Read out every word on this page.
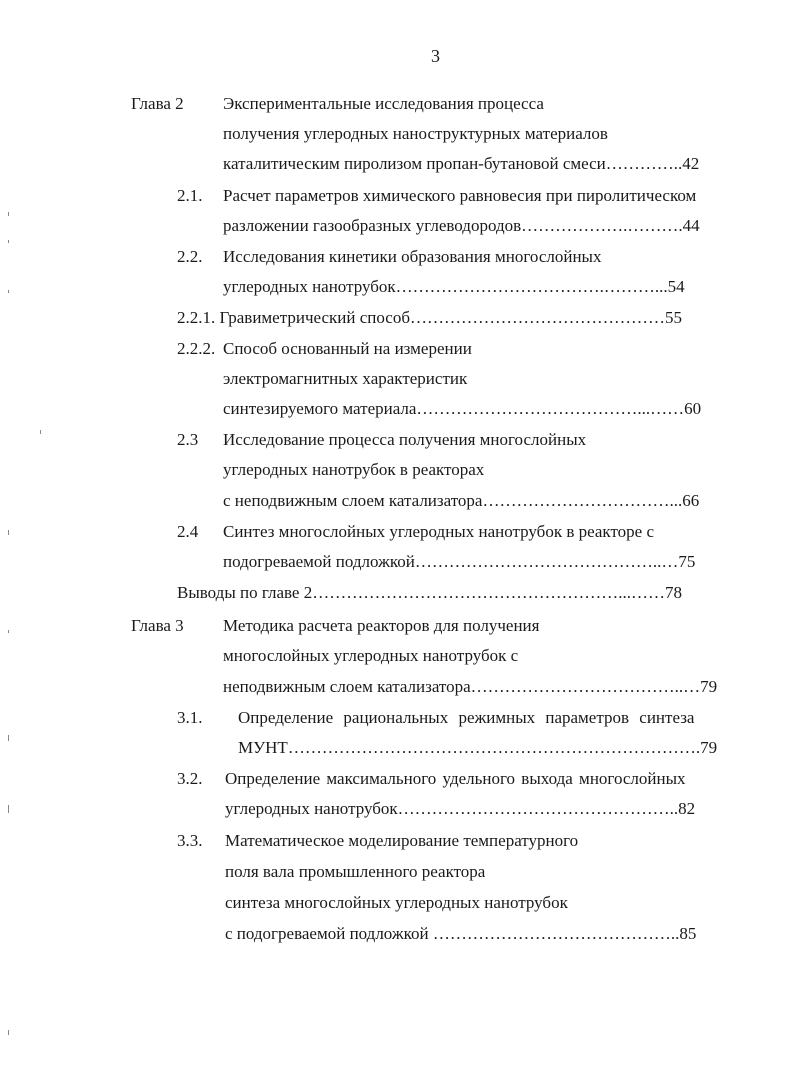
3
Глава 2 Экспериментальные исследования процесса
получения углеродных наноструктурных материалов
каталитическим пиролизом пропан-бутановой смеси…………..42
2.1. Расчет параметров химического равновесия при пиролитическом
разложении газообразных углеводородов……………….……….44
2.2. Исследования кинетики образования многослойных
углеродных нанотрубок……………………………….………...54
2.2.1. Гравиметрический способ………………………………………55
2.2.2. Способ основанный на измерении
электромагнитных характеристик
синтезируемого материала…………………………………...……60
2.3 Исследование процесса получения многослойных
углеродных нанотрубок в реакторах
с неподвижным слоем катализатора……………………………...66
2.4 Синтез многослойных углеродных нанотрубок в реакторе с
подогреваемой подложкой……………………………………..…75
Выводы по главе 2………………………………………………...……78
Глава 3 Методика расчета реакторов для получения
многослойных углеродных нанотрубок с
неподвижным слоем катализатора………………………………..…79
3.1. Определение рациональных режимных параметров синтеза
МУНТ……………………………………………………………….79
3.2. Определение максимального удельного выхода многослойных
углеродных нанотрубок…………………………………………..82
3.3. Математическое моделирование температурного
поля вала промышленного реактора
синтеза многослойных углеродных нанотрубок
с подогреваемой подложкой ……………………………………..85
